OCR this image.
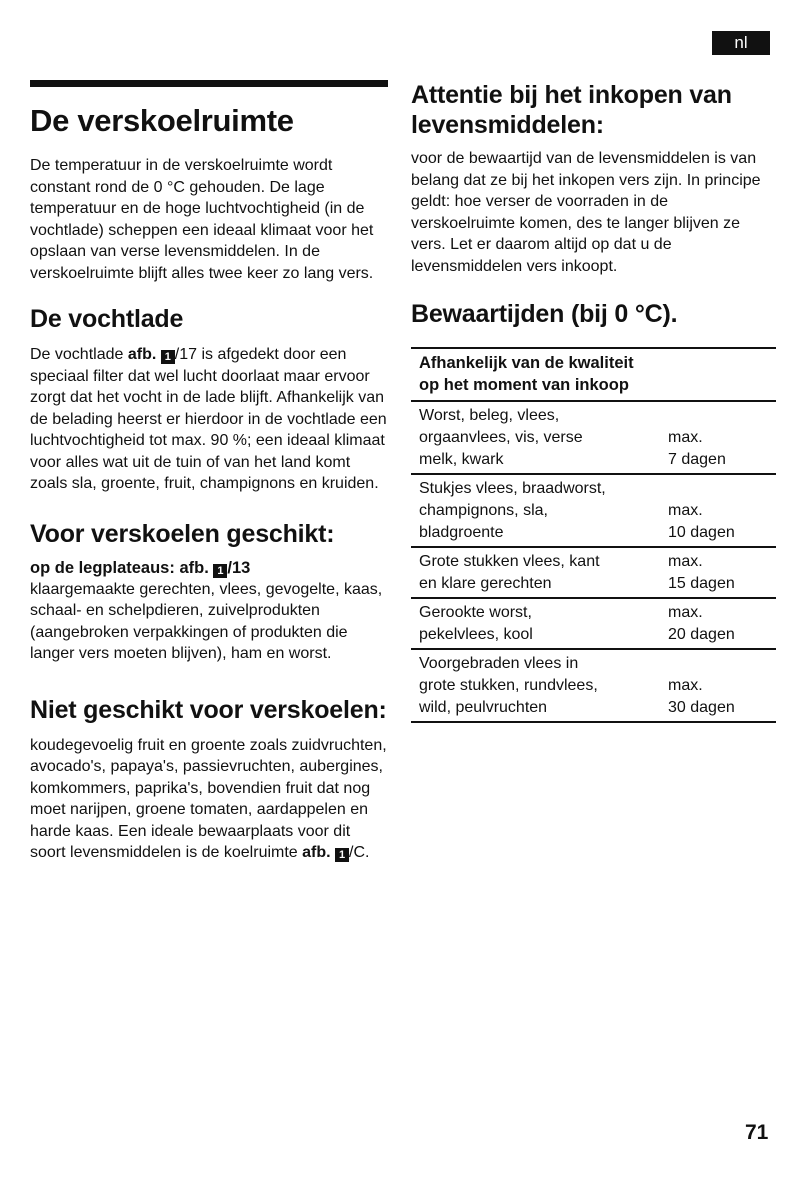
nl
De verskoelruimte

De temperatuur in de verskoelruimte wordt constant rond de 0 °C gehouden. De lage temperatuur en de hoge luchtvochtigheid (in de vochtlade) scheppen een ideaal klimaat voor het opslaan van verse levensmiddelen. In de verskoelruimte blijft alles twee keer zo lang vers.

De vochtlade

De vochtlade afb. 1 /17 is afgedekt door een speciaal filter dat wel lucht doorlaat maar ervoor zorgt dat het vocht in de lade blijft. Afhankelijk van de belading heerst er hierdoor in de vochtlade een luchtvochtigheid tot max. 90 %; een ideaal klimaat voor alles wat uit de tuin of van het land komt zoals sla, groente, fruit, champignons en kruiden.

Voor verskoelen geschikt:

op de legplateaus: afb. 1 /13

klaargemaakte gerechten, vlees, gevogelte, kaas, schaal- en schelpdieren, zuivelprodukten (aangebroken verpakkingen of produkten die langer vers moeten blijven), ham en worst.

Niet geschikt voor verskoelen:

koudegevoelig fruit en groente zoals zuidvruchten, avocado's, papaya's, passievruchten, aubergines, komkommers, paprika's, bovendien fruit dat nog moet narijpen, groene tomaten, aardappelen en harde kaas. Een ideale bewaarplaats voor dit soort levensmiddelen is de koelruimte afb. 1 /C.

Attentie bij het inkopen van levensmiddelen:

voor de bewaartijd van de levensmiddelen is van belang dat ze bij het inkopen vers zijn. In principe geldt: hoe verser de voorraden in de verskoelruimte komen, des te langer blijven ze vers. Let er daarom altijd op dat u de levensmiddelen vers inkoopt.

Bewaartijden (bij 0 °C).
Afhankelijk van de kwaliteit
op het moment van inkoop
Worst, beleg, vlees,
orgaanvlees, vis, verse
melk, kwark
max.
7 dagen
Stukjes vlees, braadworst,
champignons, sla,
bladgroente
max.
10 dagen
Grote stukken vlees, kant
en klare gerechten
max.
15 dagen
Gerookte worst,
pekelvlees, kool
max.
20 dagen
Voorgebraden vlees in
grote stukken, rundvlees,
wild, peulvruchten
max.
30 dagen
71
